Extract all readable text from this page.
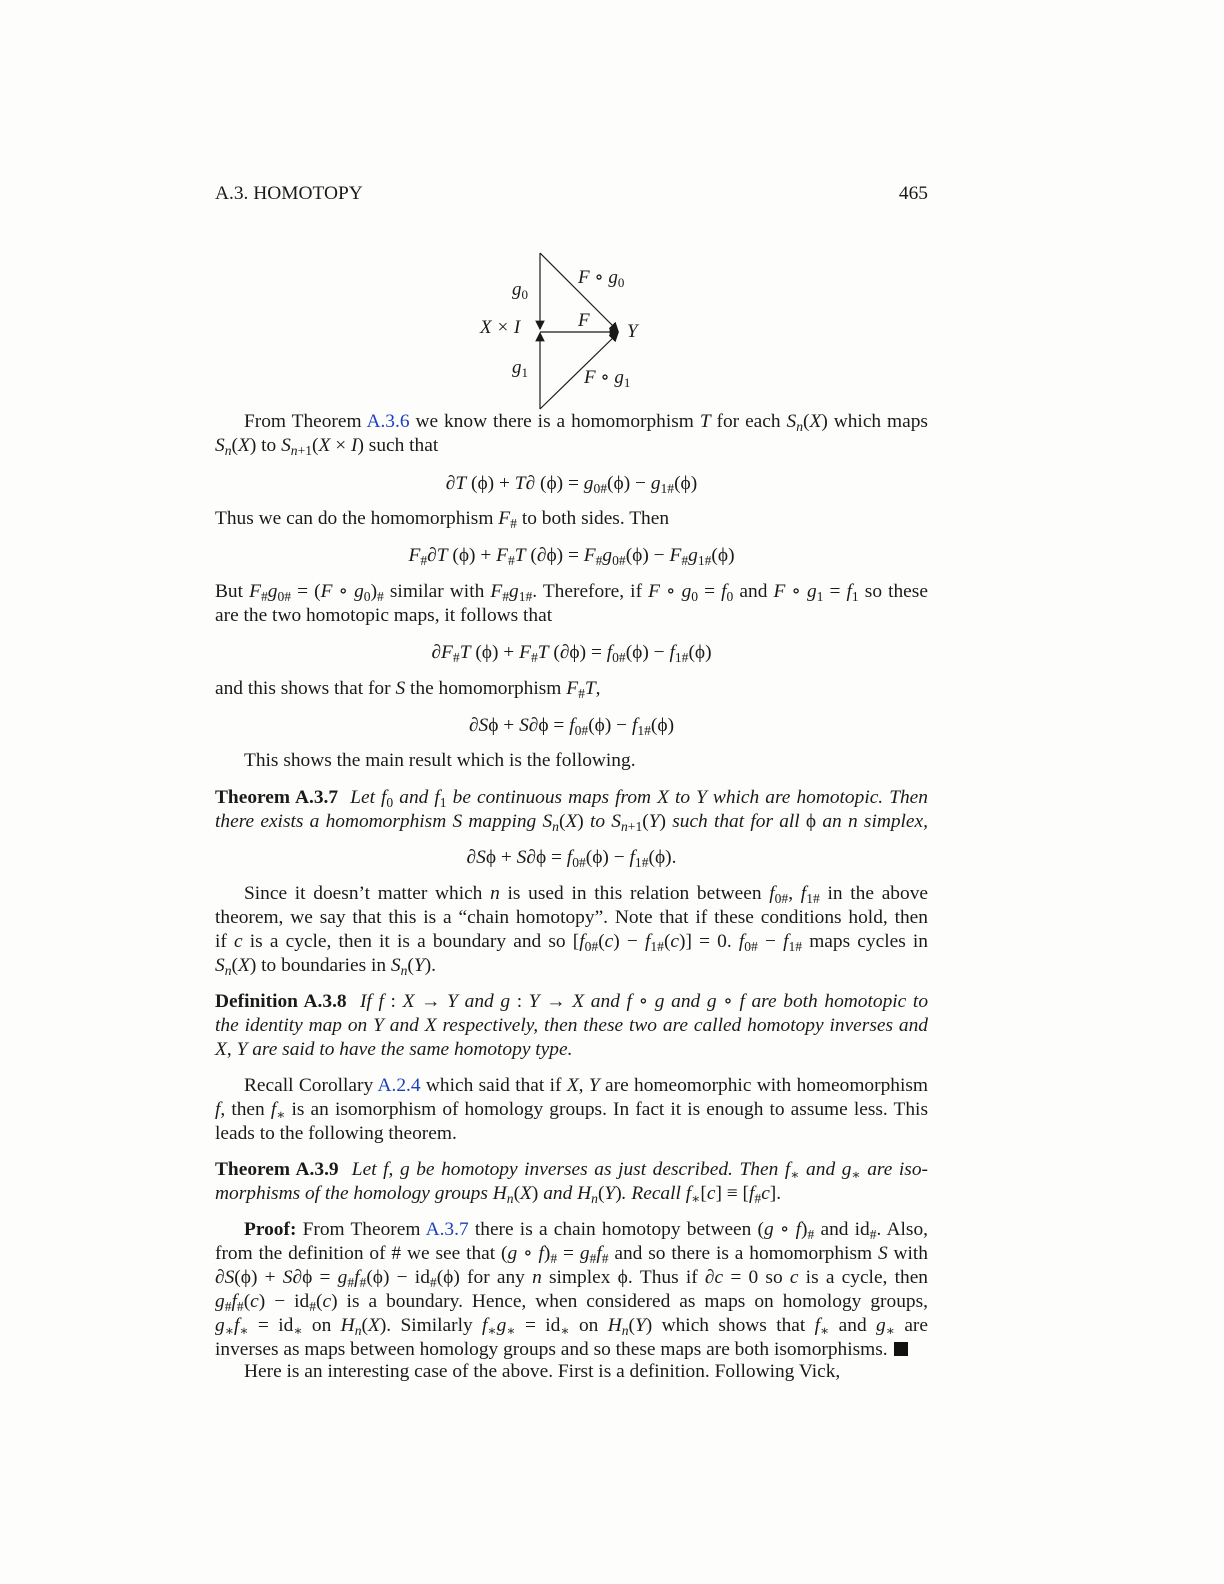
A.3. HOMOTOPY	465
$g_0$
X × I	F
Y
$g_1$
F ∘ $g_0$
F ∘ $g_1$
From Theorem A.3.6 we know there is a homomorphism T for each $S_n(X)$ which maps
$S_n(X)$ to $S_{n+1}(X \times I)$ such that
∂T (ϕ) + T∂ $(\phi) = g_{0\#}(\phi) - g_{1\#}(\phi)$
Thus we can do the homomorphism $F_{\#}$ to both sides. Then
$F_{\#}\partial T$ $(\phi) + F_{\#}T$ $(\partial\phi) = F_{\#}g_{0\#}(\phi) - F_{\#}g_{1\#}(\phi)$
But $F_{\#}g_{0\#} = (F$ ∘ $g_0)_{\#}$ similar with $F_{\#}g_{1\#}$. Therefore, if F ∘ $g_0 = f_0$ and F ∘ $g_1 = f_1$ so these
are the two homotopic maps, it follows that
$\partial F_{\#}T$ $(\phi) + F_{\#}T$ $(\partial\phi) = f_{0\#}(\phi) - f_{1\#}(\phi)$
and this shows that for S the homomorphism $F_{\#}T$,
$\partial S\phi + S\partial\phi = f_{0\#}(\phi) - f_{1\#}(\phi)$
This shows the main result which is the following.
Theorem A.3.7 Let $f_0$ and $f_1$ be continuous maps from X to Y which are homotopic. Then
there exists a homomorphism S mapping $S_n(X)$ to $S_{n+1}(Y)$ such that for all ϕ an n simplex,
$\partial S\phi + S\partial\phi = f_{0\#}(\phi) - f_{1\#}(\phi)$.
Since it doesn’t matter which n is used in this relation between $f_{0\#}$, $f_{1\#}$ in the above
theorem, we say that this is a “chain homotopy”. Note that if these conditions hold, then
if c is a cycle, then it is a boundary and so $[f_{0\#}(c) - f_{1\#}(c)] = 0$. $f_{0\#} - f_{1\#}$ maps cycles in
$S_n(X)$ to boundaries in $S_n(Y)$.
Definition A.3.8 If f : X → Y and g : Y → X and f ∘ g and g ∘ f are both homotopic to
the identity map on Y and X respectively, then these two are called homotopy inverses and
X, Y are said to have the same homotopy type.
Recall Corollary A.2.4 which said that if X, Y are homeomorphic with homeomorphism
f, then $f_∗$ is an isomorphism of homology groups. In fact it is enough to assume less. This
leads to the following theorem.
Theorem A.3.9 Let f, g be homotopy inverses as just described. Then $f_∗$ and $g_∗$ are iso-
morphisms of the homology groups $H_n(X)$ and $H_n(Y)$. Recall $f_∗[c] \equiv [f_{\#}c]$.
Proof: From Theorem A.3.7 there is a chain homotopy between (g ∘ $f)_{\#}$ and $id_{\#}$. Also,
from the definition of # we see that (g ∘ $f)_{\#} = g_{\#}f_{\#}$ and so there is a homomorphism S with
$\partial S(\phi) + S\partial\phi = g_{\#}f_{\#}(\phi) - id_{\#}(\phi)$ for any n simplex ϕ. Thus if ∂c = 0 so c is a cycle, then
$g_{\#}f_{\#}(c) - id_{\#}(c)$ is a boundary. Hence, when considered as maps on homology groups,
$g_∗f_∗ = id_∗$ on $H_n(X)$. Similarly $f_∗g_∗ = id_∗$ on $H_n(Y)$ which shows that $f_∗$ and $g_∗$ are
inverses as maps between homology groups and so these maps are both isomorphisms.
Here is an interesting case of the above. First is a definition. Following Vick,
